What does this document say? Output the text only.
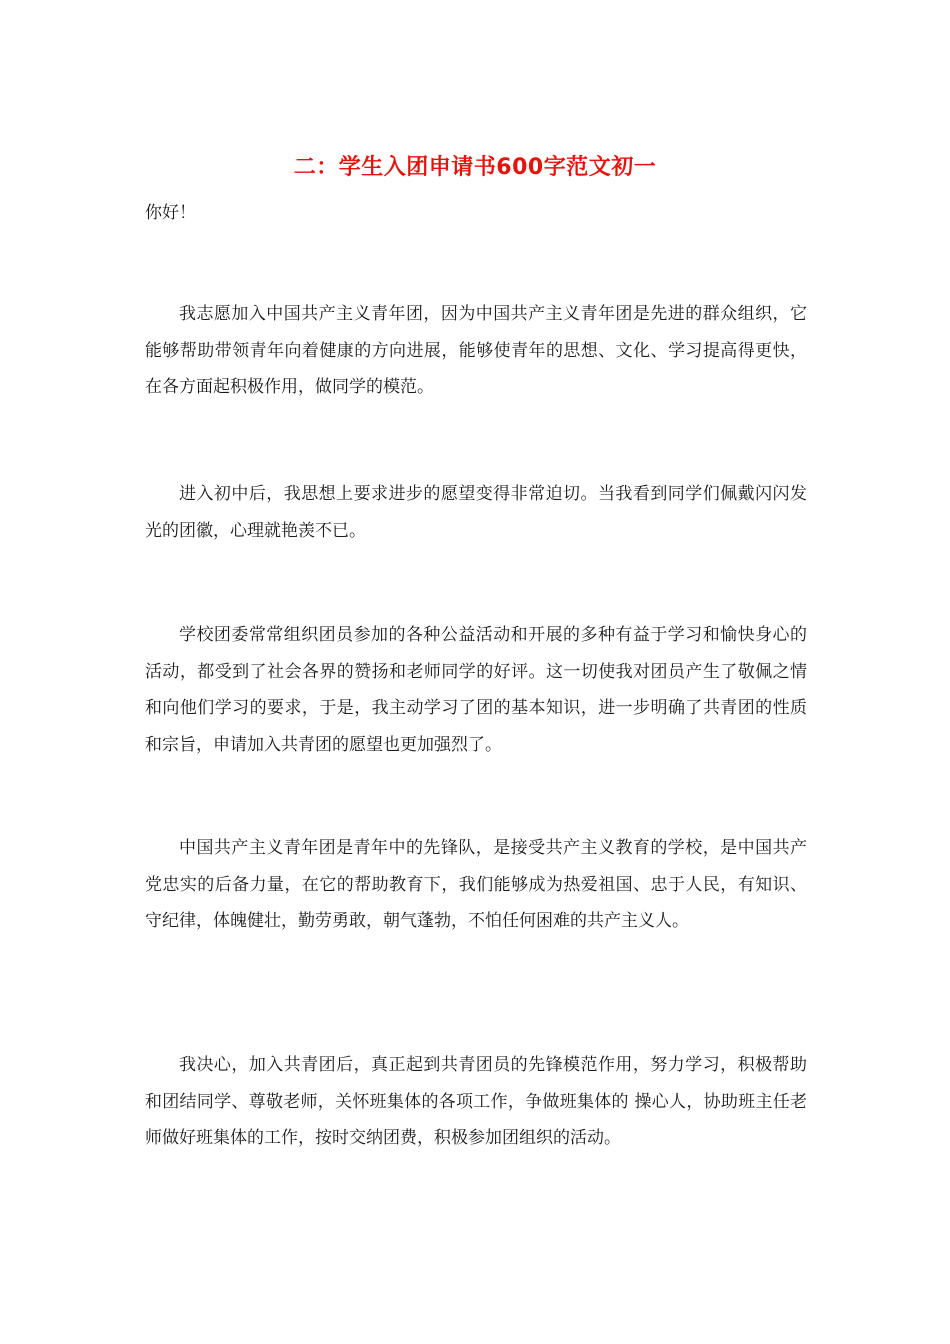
二：学生入团申请书600字范文初一
你好！

我志愿加入中国共产主义青年团，因为中国共产主义青年团是先进的群众组织，它能够帮助带领青年向着健康的方向进展，能够使青年的思想、文化、学习提高得更快，在各方面起积极作用，做同学的模范。

进入初中后，我思想上要求进步的愿望变得非常迫切。当我看到同学们佩戴闪闪发光的团徽，心理就艳羡不已。

学校团委常常组织团员参加的各种公益活动和开展的多种有益于学习和愉快身心的活动，都受到了社会各界的赞扬和老师同学的好评。这一切使我对团员产生了敬佩之情和向他们学习的要求，于是，我主动学习了团的基本知识，进一步明确了共青团的性质和宗旨，申请加入共青团的愿望也更加强烈了。

中国共产主义青年团是青年中的先锋队，是接受共产主义教育的学校，是中国共产党忠实的后备力量，在它的帮助教育下，我们能够成为热爱祖国、忠于人民，有知识、守纪律，体魄健壮，勤劳勇敢，朝气蓬勃，不怕任何困难的共产主义人。

我决心，加入共青团后，真正起到共青团员的先锋模范作用，努力学习，积极帮助和团结同学、尊敬老师，关怀班集体的各项工作，争做班集体的 操心人，协助班主任老师做好班集体的工作，按时交纳团费，积极参加团组织的活动。
